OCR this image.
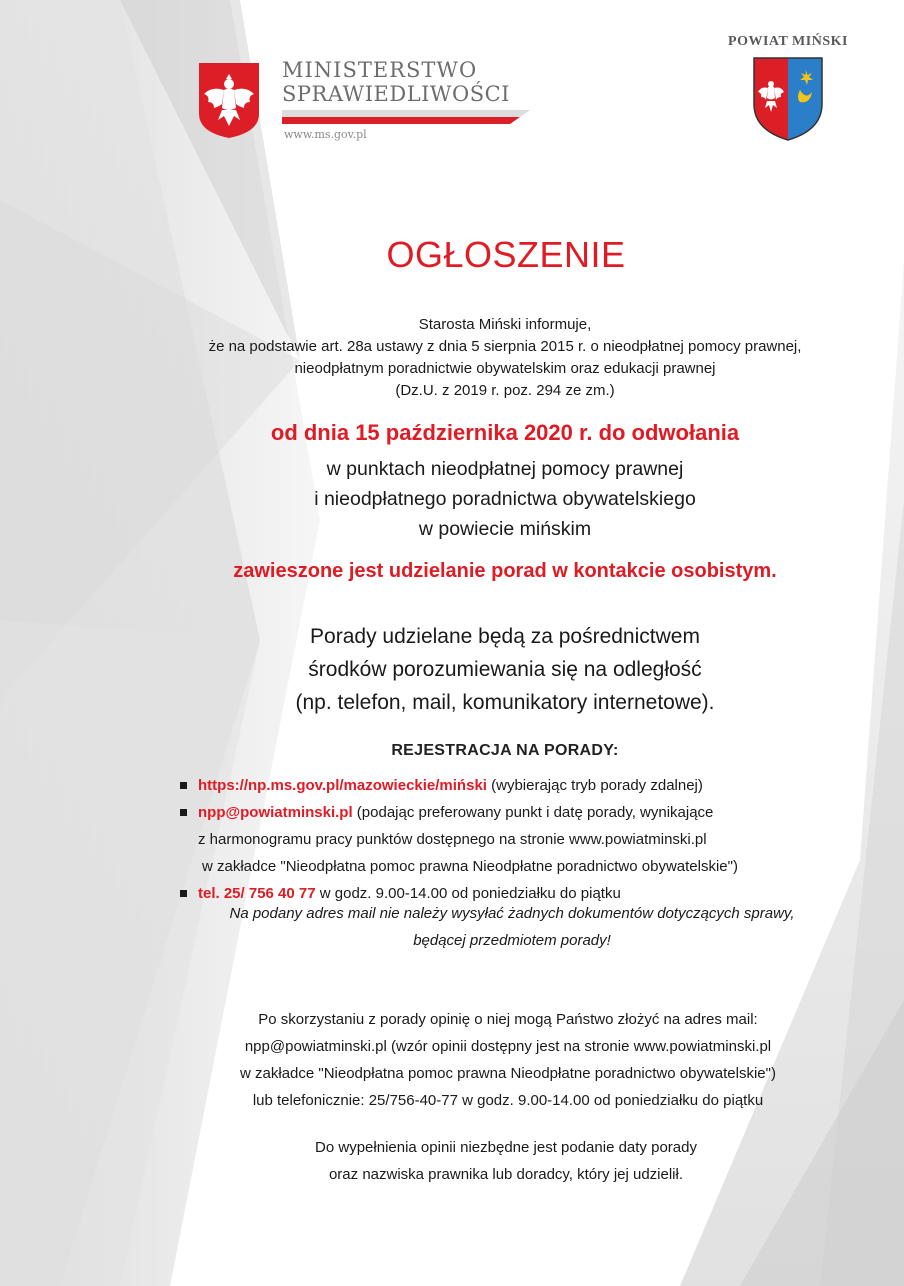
MINISTERSTWO
SPRAWIEDLIWOŚCI
www.ms.gov.pl
POWIAT MIŃSKI
OGŁOSZENIE
Starosta Miński informuje,
że na podstawie art. 28a ustawy z dnia 5 sierpnia 2015 r. o nieodpłatnej pomocy prawnej,
nieodpłatnym poradnictwie obywatelskim oraz edukacji prawnej
(Dz.U. z 2019 r. poz. 294 ze zm.)
od dnia 15 października 2020 r. do odwołania
w punktach nieodpłatnej pomocy prawnej
i nieodpłatnego poradnictwa obywatelskiego
w powiecie mińskim
zawieszone jest udzielanie porad w kontakcie osobistym.
Porady udzielane będą za pośrednictwem
środków porozumiewania się na odległość
(np. telefon, mail, komunikatory internetowe).
REJESTRACJA NA PORADY:
https://np.ms.gov.pl/mazowieckie/miński (wybierając tryb porady zdalnej)
npp@powiatminski.pl (podając preferowany punkt i datę porady, wynikające
z harmonogramu pracy punktów dostępnego na stronie www.powiatminski.pl
w zakładce "Nieodpłatna pomoc prawna Nieodpłatne poradnictwo obywatelskie")
tel. 25/ 756 40 77 w godz. 9.00-14.00 od poniedziałku do piątku
Na podany adres mail nie należy wysyłać żadnych dokumentów dotyczących sprawy,
będącej przedmiotem porady!
Po skorzystaniu z porady opinię o niej mogą Państwo złożyć na adres mail:
npp@powiatminski.pl (wzór opinii dostępny jest na stronie www.powiatminski.pl
w zakładce "Nieodpłatna pomoc prawna Nieodpłatne poradnictwo obywatelskie")
lub telefonicznie: 25/756-40-77 w godz. 9.00-14.00 od poniedziałku do piątku
Do wypełnienia opinii niezbędne jest podanie daty porady
oraz nazwiska prawnika lub doradcy, który jej udzielił.
